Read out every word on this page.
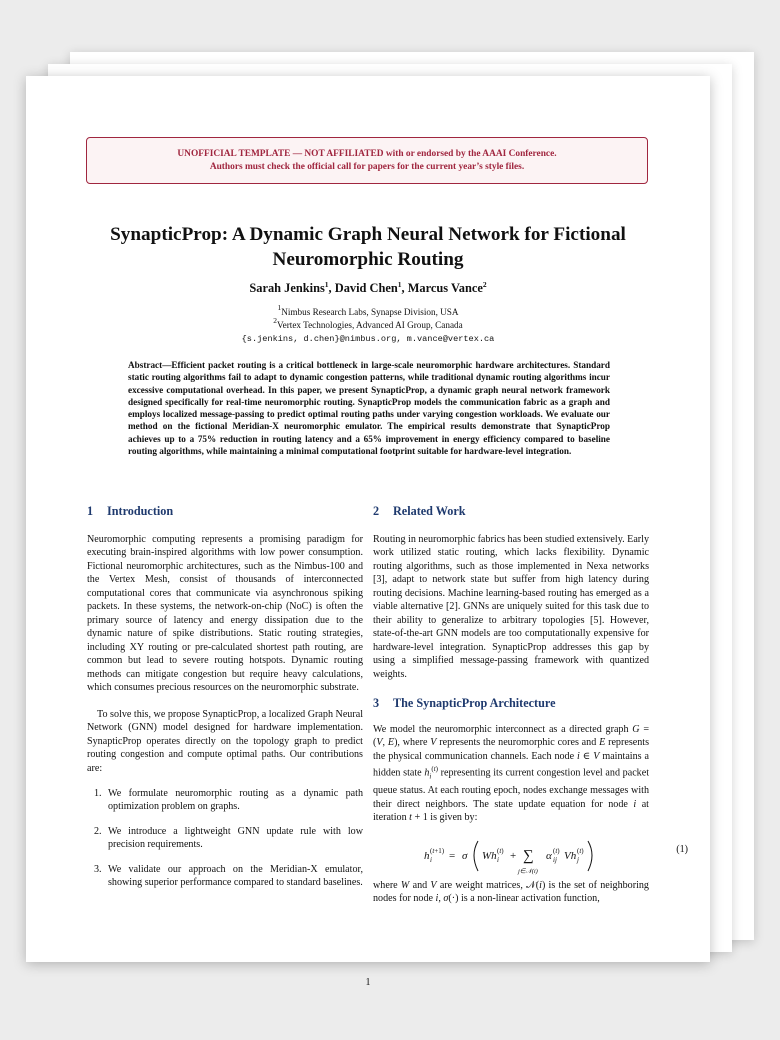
UNOFFICIAL TEMPLATE — NOT AFFILIATED with or endorsed by the AAAI Conference.
Authors must check the official call for papers for the current year’s style files.
SynapticProp: A Dynamic Graph Neural Network for Fictional
Neuromorphic Routing
Sarah Jenkins$^1$, David Chen$^1$, Marcus Vance$^2$
$^1$Nimbus Research Labs, Synapse Division, USA
$^2$Vertex Technologies, Advanced AI Group, Canada
{s.jenkins, d.chen}@nimbus.org, m.vance@vertex.ca
Abstract—Efficient packet routing is a critical bottleneck in large-scale neuromorphic hardware architectures. Standard static routing algorithms fail to adapt to dynamic congestion patterns, while traditional dynamic routing algorithms incur excessive computational overhead. In this paper, we present SynapticProp, a dynamic graph neural network framework designed specifically for real-time neuromorphic routing. SynapticProp models the communication fabric as a graph and employs localized message-passing to predict optimal routing paths under varying congestion workloads. We evaluate our method on the fictional Meridian-X neuromorphic emulator. The empirical results demonstrate that SynapticProp achieves up to a 75% reduction in routing latency and a 65% improvement in energy efficiency compared to baseline routing algorithms, while maintaining a minimal computational footprint suitable for hardware-level integration.
1 Introduction

Neuromorphic computing represents a promising paradigm for executing brain-inspired algorithms with low power consumption. Fictional neuromorphic architectures, such as the Nimbus-100 and the Vertex Mesh, consist of thousands of interconnected computational cores that communicate via asynchronous spiking packets. In these systems, the network-on-chip (NoC) is often the primary source of latency and energy dissipation due to the dynamic nature of spike distributions. Static routing strategies, including XY routing or pre-calculated shortest path routing, are common but lead to severe routing hotspots. Dynamic routing methods can mitigate congestion but require heavy calculations, which consumes precious resources on the neuromorphic substrate.

To solve this, we propose SynapticProp, a localized Graph Neural Network (GNN) model designed for hardware implementation. SynapticProp operates directly on the topology graph to predict routing congestion and compute optimal paths. Our contributions are:

1. We formulate neuromorphic routing as a dynamic path optimization problem on graphs.
2. We introduce a lightweight GNN update rule with low precision requirements.
3. We validate our approach on the Meridian-X emulator, showing superior performance compared to standard baselines.
2 Related Work

Routing in neuromorphic fabrics has been studied extensively. Early work utilized static routing, which lacks flexibility. Dynamic routing algorithms, such as those implemented in Nexa networks [3], adapt to network state but suffer from high latency during routing decisions. Machine learning-based routing has emerged as a viable alternative [2]. GNNs are uniquely suited for this task due to their ability to generalize to arbitrary topologies [5]. However, state-of-the-art GNN models are too computationally expensive for hardware-level integration. SynapticProp addresses this gap by using a simplified message-passing framework with quantized weights.

3 The SynapticProp Architecture

We model the neuromorphic interconnect as a directed graph G = (V, E), where V represents the neuromorphic cores and E represents the physical communication channels. Each node i ∈ V maintains a hidden state $h_i^{(t)}$ representing its current congestion level and packet queue status. At each routing epoch, nodes exchange messages with their direct neighbors. The state update equation for node i at iteration t + 1 is given by:

h i
(t+1) = σ Wh i
(t) + ∑
j∈𝒩(i)
α ij
(t) Vh j
(t)	(1)

where W and V are weight matrices, 𝒩(i) is the set of neighboring nodes for node i, σ(·) is a non-linear activation function,

1
